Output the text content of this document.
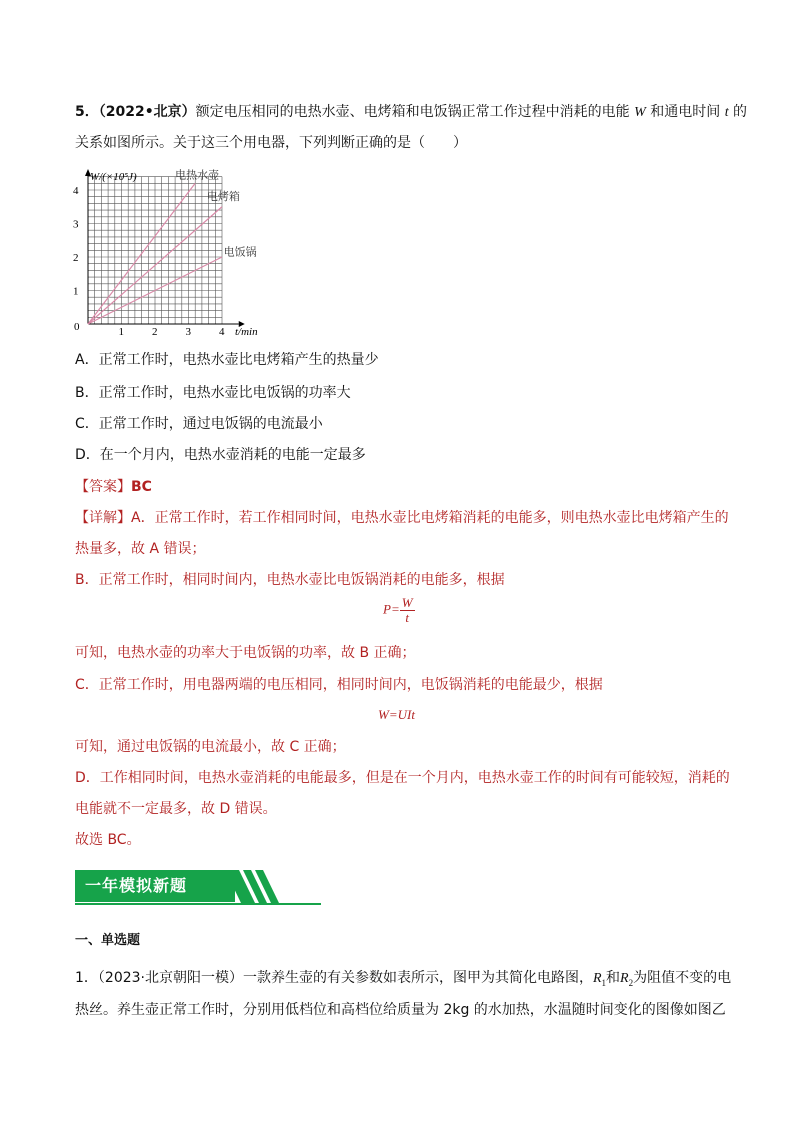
5．（2022•北京）额定电压相同的电热水壶、电烤箱和电饭锅正常工作过程中消耗的电能 W 和通电时间 t 的
关系如图所示。关于这三个用电器，下列判断正确的是（　　）
1	2	3	4
1
2
3
4
电热水壶
电烤箱
电饭锅
W/(×10⁵J)
t/min
0
A．正常工作时，电热水壶比电烤箱产生的热量少
B．正常工作时，电热水壶比电饭锅的功率大
C．正常工作时，通过电饭锅的电流最小
D．在一个月内，电热水壶消耗的电能一定最多
【答案】BC
【详解】A．正常工作时，若工作相同时间，电热水壶比电烤箱消耗的电能多，则电热水壶比电烤箱产生的
热量多，故 A 错误；
B．正常工作时，相同时间内，电热水壶比电饭锅消耗的电能多，根据
$P= \frac{W}{t}$
可知，电热水壶的功率大于电饭锅的功率，故 B 正确；
C．正常工作时，用电器两端的电压相同，相同时间内，电饭锅消耗的电能最少，根据
W=UIt
可知，通过电饭锅的电流最小，故 C 正确；
D．工作相同时间，电热水壶消耗的电能最多，但是在一个月内，电热水壶工作的时间有可能较短，消耗的
电能就不一定最多，故 D 错误。
故选 BC。
一年模拟新题
一、单选题
1．（2023·北京朝阳一模）一款养生壶的有关参数如表所示，图甲为其简化电路图，$R_1$和$R_2$为阻值不变的电
热丝。养生壶正常工作时，分别用低档位和高档位给质量为 2kg 的水加热，水温随时间变化的图像如图乙
